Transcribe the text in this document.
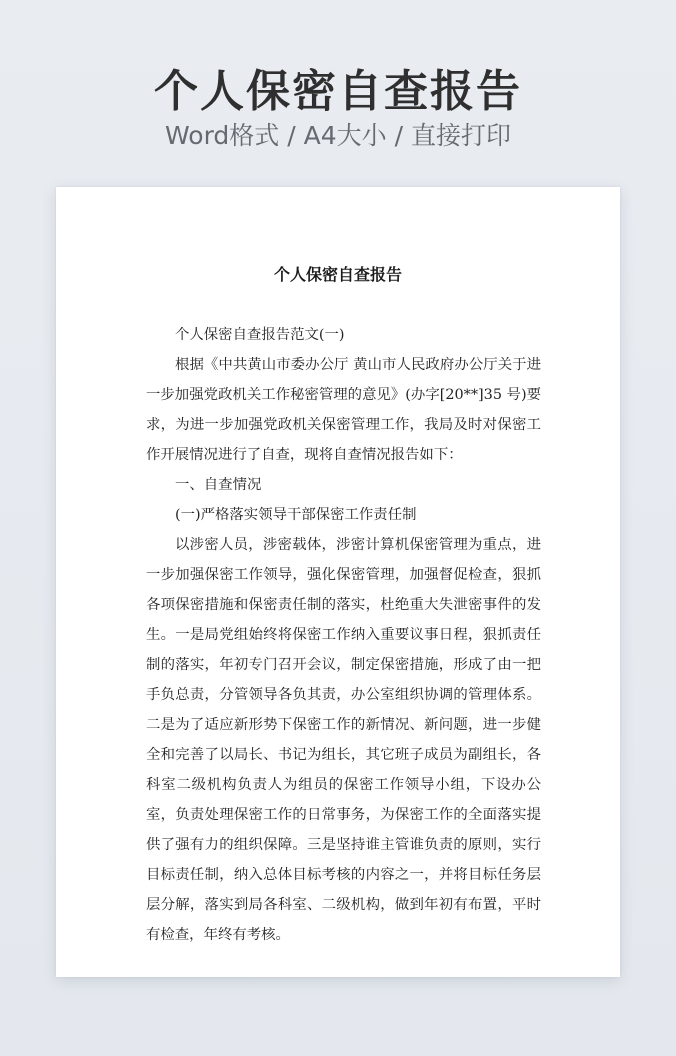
个人保密自查报告
Word格式 / A4大小 / 直接打印
个人保密自查报告

个人保密自查报告范文(一)

根据《中共黄山市委办公厅 黄山市人民政府办公厅关于进一步加强党政机关工作秘密管理的意见》(办字[20**]35 号)要求，为进一步加强党政机关保密管理工作，我局及时对保密工作开展情况进行了自查，现将自查情况报告如下：

一、自查情况

(一)严格落实领导干部保密工作责任制

以涉密人员，涉密载体，涉密计算机保密管理为重点，进一步加强保密工作领导，强化保密管理，加强督促检查，狠抓各项保密措施和保密责任制的落实，杜绝重大失泄密事件的发生。一是局党组始终将保密工作纳入重要议事日程，狠抓责任制的落实，年初专门召开会议，制定保密措施，形成了由一把手负总责，分管领导各负其责，办公室组织协调的管理体系。二是为了适应新形势下保密工作的新情况、新问题，进一步健全和完善了以局长、书记为组长，其它班子成员为副组长，各科室二级机构负责人为组员的保密工作领导小组，下设办公室，负责处理保密工作的日常事务，为保密工作的全面落实提供了强有力的组织保障。三是坚持谁主管谁负责的原则，实行目标责任制，纳入总体目标考核的内容之一，并将目标任务层层分解，落实到局各科室、二级机构，做到年初有布置，平时有检查，年终有考核。
